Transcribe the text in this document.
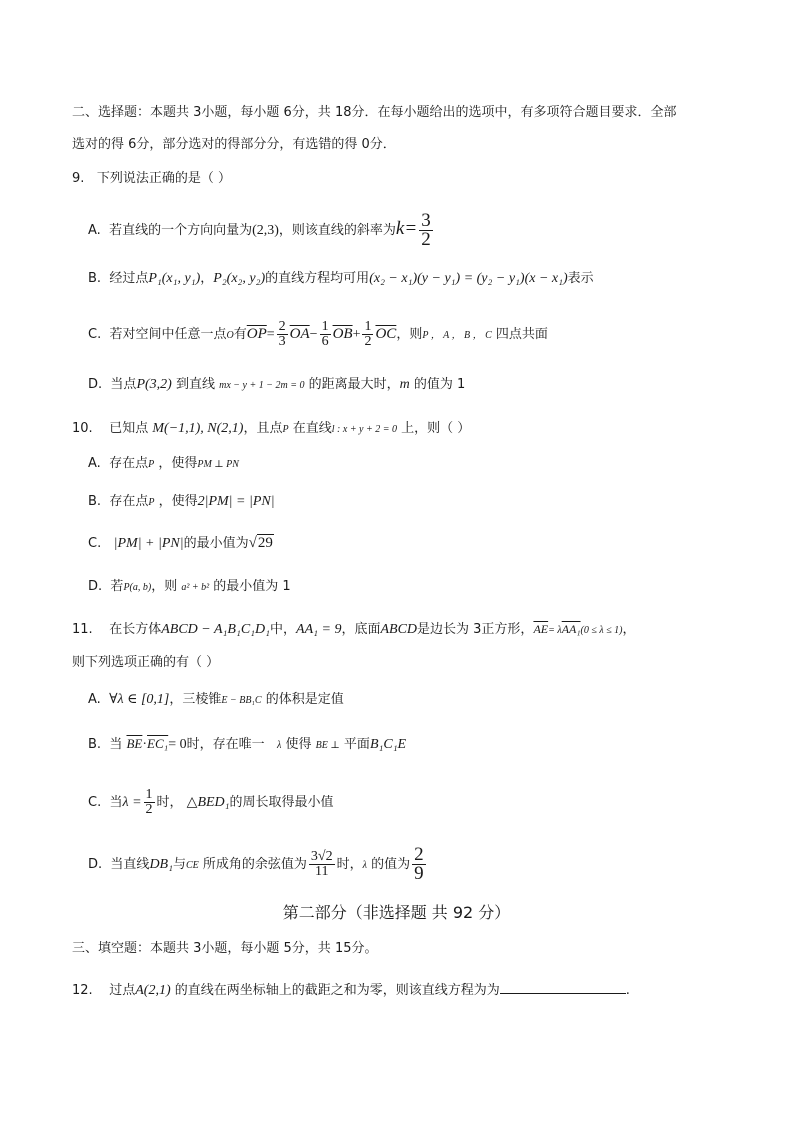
二、选择题：本题共 3小题，每小题 6分，共 18分．在每小题给出的选项中，有多项符合题目要求．全部
选对的得 6分，部分选对的得部分分，有选错的得 0分．
9. 下列说法正确的是（ ）
A. 若直线的一个方向向量为(2,3)，则该直线的斜率为$k= \frac{3}{2}$
B. 经过点P₁(x₁, y₁)，P₂(x₂, y₂)的直线方程均可用(x₂ − x₁)(y − y₁) = (y₂ − y₁)(x − x₁)表示
C. 若对空间中任意一点O有$\overline{OP}= \frac{2}{3} \overline{OA}- \frac{1}{6} \overline{OB}+ \frac{1}{2} \overline{OC}$，则P ， A ， B ， C 四点共面
D. 当点P(3,2) 到直线 mx − y + 1 − 2m = 0 的距离最大时，m 的值为 1
10. 已知点 M(−1,1), N(2,1)，且点P 在直线l : x + y + 2 = 0 上，则（ ）
A. 存在点P ，使得PM ⊥ PN
B. 存在点P ，使得2|PM| = |PN|
C. |PM| + |PN|的最小值为√29
D. 若P(a, b)，则 a² + b² 的最小值为 1
11. 在长方体ABCD − A₁B₁C₁D₁中，AA₁ = 9，底面ABCD是边长为 3正方形，$\overline{AE}= \lambda AA_1(0 \le \lambda \le 1)$，
则下列选项正确的有（ ）
A. ∀λ ∈ [0,1]，三棱锥E − BB₁C 的体积是定值
B. 当 $\overline{BE}\cdot EC_1= 0$时，存在唯一 λ 使得 BE ⊥ 平面B₁C₁E
C. 当$\lambda = \frac{1}{2}$ 时， △BED₁的周长取得最小值
D. 当直线DB₁与CE 所成角的余弦值为 $\frac{3√2}{11}$ 时，λ 的值为 $\frac{2}{9}$
第二部分（非选择题 共 92 分）
三、填空题：本题共 3小题，每小题 5分，共 15分。
12. 过点A(2,1) 的直线在两坐标轴上的截距之和为零，则该直线方程为为	.
